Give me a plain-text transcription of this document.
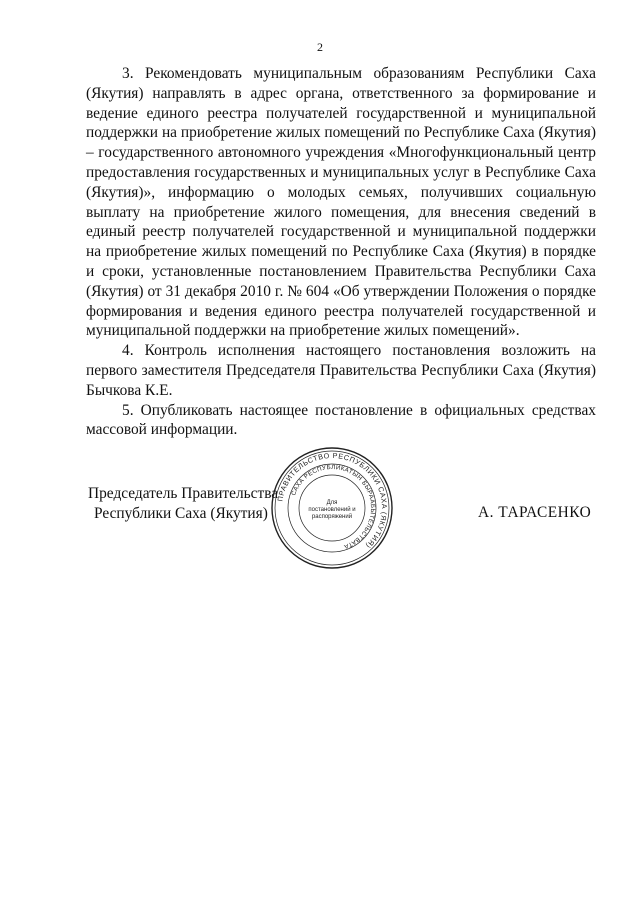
2

3. Рекомендовать муниципальным образованиям Республики Саха (Якутия) направлять в адрес органа, ответственного за формирование и ведение единого реестра получателей государственной и муниципальной поддержки на приобретение жилых помещений по Республике Саха (Якутия) – государственного автономного учреждения «Многофункциональный центр предоставления государственных и муниципальных услуг в Республике Саха (Якутия)», информацию о молодых семьях, получивших социальную выплату на приобретение жилого помещения, для внесения сведений в единый реестр получателей государственной и муниципальной поддержки на приобретение жилых помещений по Республике Саха (Якутия) в порядке и сроки, установленные постановлением Правительства Республики Саха (Якутия) от 31 декабря 2010 г. № 604 «Об утверждении Положения о порядке формирования и ведения единого реестра получателей государственной и муниципальной поддержки на приобретение жилых помещений».

4. Контроль исполнения настоящего постановления возложить на первого заместителя Председателя Правительства Республики Саха (Якутия) Бычкова К.Е.

5. Опубликовать настоящее постановление в официальных средствах массовой информации.

Председатель Правительства
Республики Саха (Якутия)	А. ТАРАСЕНКО
ПРАВИТЕЛЬСТВО РЕСПУБЛИКИ САХА (ЯКУТИЯ)
САХА РЕСПУБЛИКАТЫН БЫРААБЫТЕЛЬСТВАТА
Для
постановлений и
распоряжений
